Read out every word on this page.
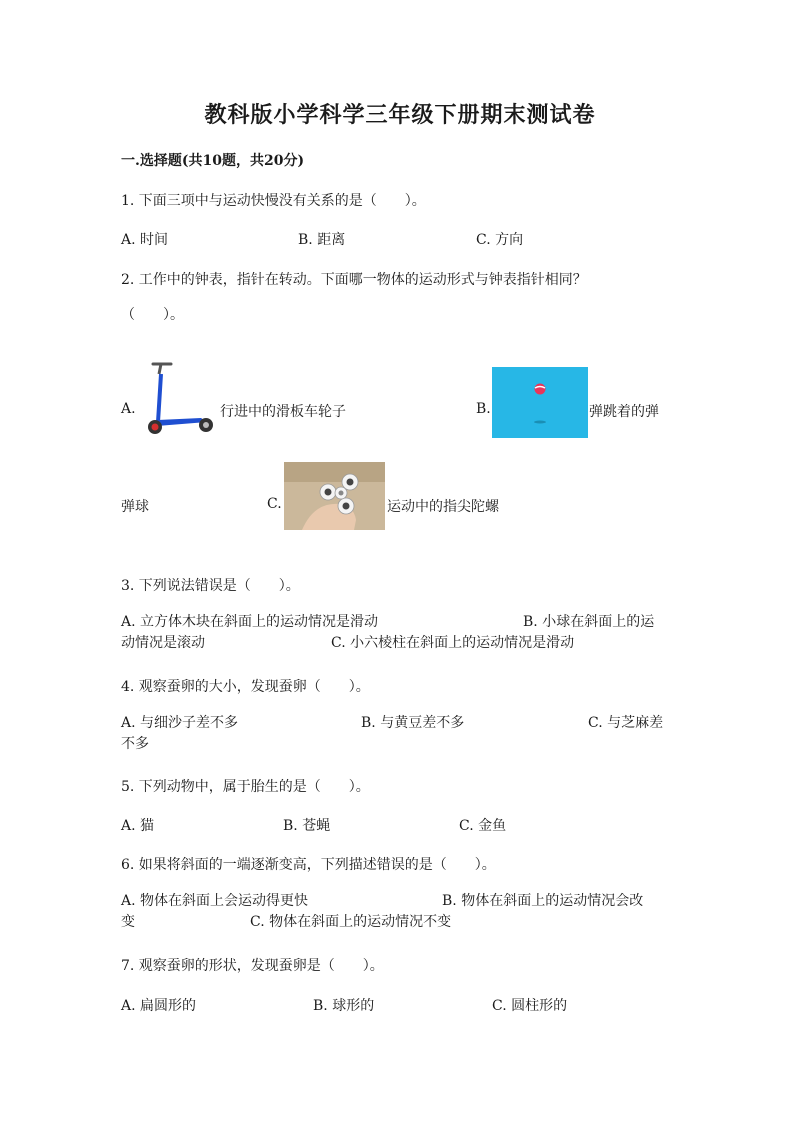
教科版小学科学三年级下册期末测试卷
一.选择题(共10题，共20分)
1. 下面三项中与运动快慢没有关系的是（　　）。
A. 时间	B. 距离	C. 方向
2. 工作中的钟表，指针在转动。下面哪一物体的运动形式与钟表指针相同？
（　　）。
A.	行进中的滑板车轮子	B.	弹跳着的弹
弹球	C.	运动中的指尖陀螺
3. 下列说法错误是（　　）。
A. 立方体木块在斜面上的运动情况是滑动	B. 小球在斜面上的运
动情况是滚动	C. 小六棱柱在斜面上的运动情况是滑动
4. 观察蚕卵的大小，发现蚕卵（　　）。
A. 与细沙子差不多	B. 与黄豆差不多	C. 与芝麻差
不多
5. 下列动物中，属于胎生的是（　　）。
A. 猫	B. 苍蝇	C. 金鱼
6. 如果将斜面的一端逐渐变高，下列描述错误的是（　　）。
A. 物体在斜面上会运动得更快	B. 物体在斜面上的运动情况会改
变	C. 物体在斜面上的运动情况不变
7. 观察蚕卵的形状，发现蚕卵是（　　）。
A. 扁圆形的	B. 球形的	C. 圆柱形的
